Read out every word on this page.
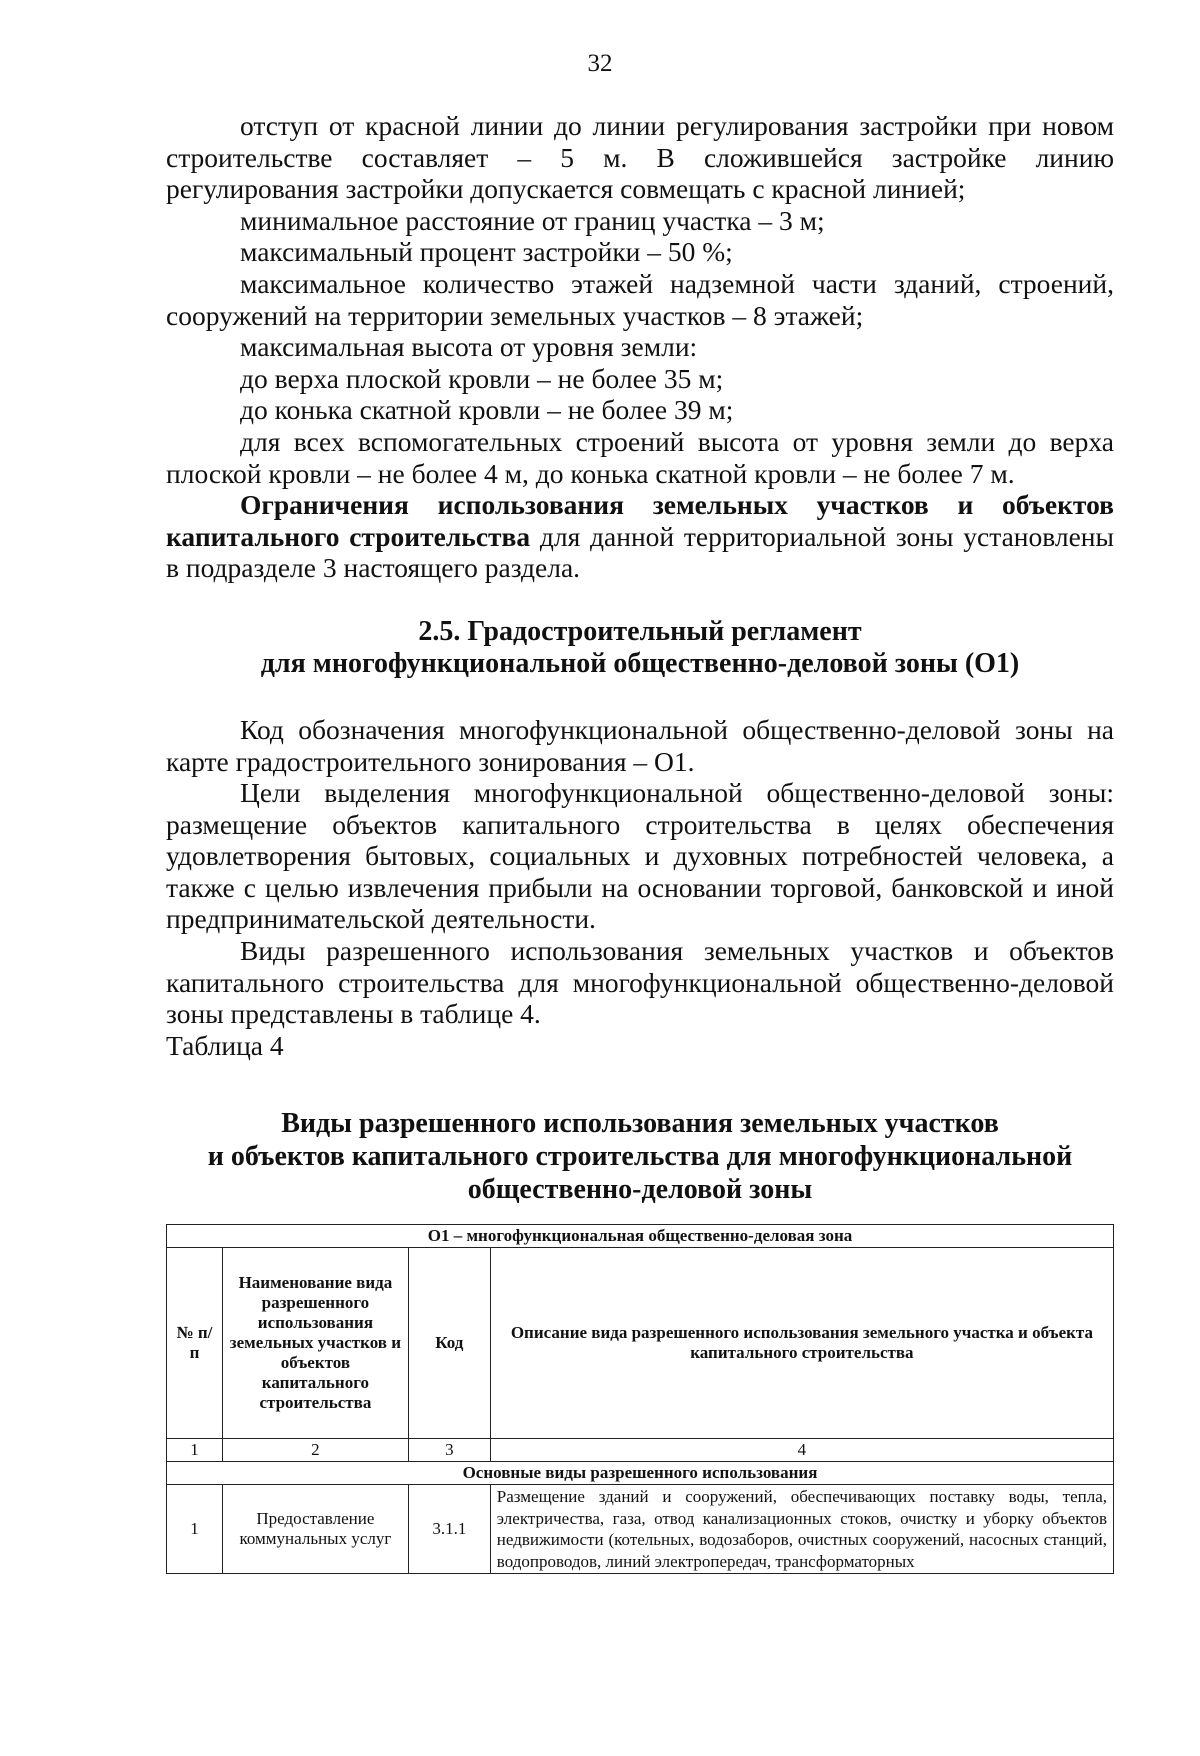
32

отступ от красной линии до линии регулирования застройки при новом строительстве составляет – 5 м. В сложившейся застройке линию регулирования застройки допускается совмещать с красной линией;

минимальное расстояние от границ участка – 3 м;

максимальный процент застройки – 50 %;

максимальное количество этажей надземной части зданий, строений, сооружений на территории земельных участков – 8 этажей;

максимальная высота от уровня земли:

до верха плоской кровли – не более 35 м;

до конька скатной кровли – не более 39 м;

для всех вспомогательных строений высота от уровня земли до верха плоской кровли – не более 4 м, до конька скатной кровли – не более 7 м.

Ограничения использования земельных участков и объектов капитального строительства для данной территориальной зоны установлены в подразделе 3 настоящего раздела.

2.5. Градостроительный регламент
для многофункциональной общественно-деловой зоны (О1)

Код обозначения многофункциональной общественно-деловой зоны на карте градостроительного зонирования – О1.

Цели выделения многофункциональной общественно-деловой зоны: размещение объектов капитального строительства в целях обеспечения удовлетворения бытовых, социальных и духовных потребностей человека, а также с целью извлечения прибыли на основании торговой, банковской и иной предпринимательской деятельности.

Виды разрешенного использования земельных участков и объектов капитального строительства для многофункциональной общественно-деловой зоны представлены в таблице 4.

Таблица 4

Виды разрешенного использования земельных участков
и объектов капитального строительства для многофункциональной
общественно-деловой зоны
О1 – многофункциональная общественно-деловая зона			
№ п/п	Наименование вида разрешенного использования земельных участков и объектов капитального строительства	Код	Описание вида разрешенного использования земельного участка и объекта капитального строительства
1	2	3	4
Основные виды разрешенного использования			
1	Предоставление коммунальных услуг	3.1.1	Размещение зданий и сооружений, обеспечивающих поставку воды, тепла, электричества, газа, отвод канализационных стоков, очистку и уборку объектов недвижимости (котельных, водозаборов, очистных сооружений, насосных станций, водопроводов, линий электропередач, трансформаторных
